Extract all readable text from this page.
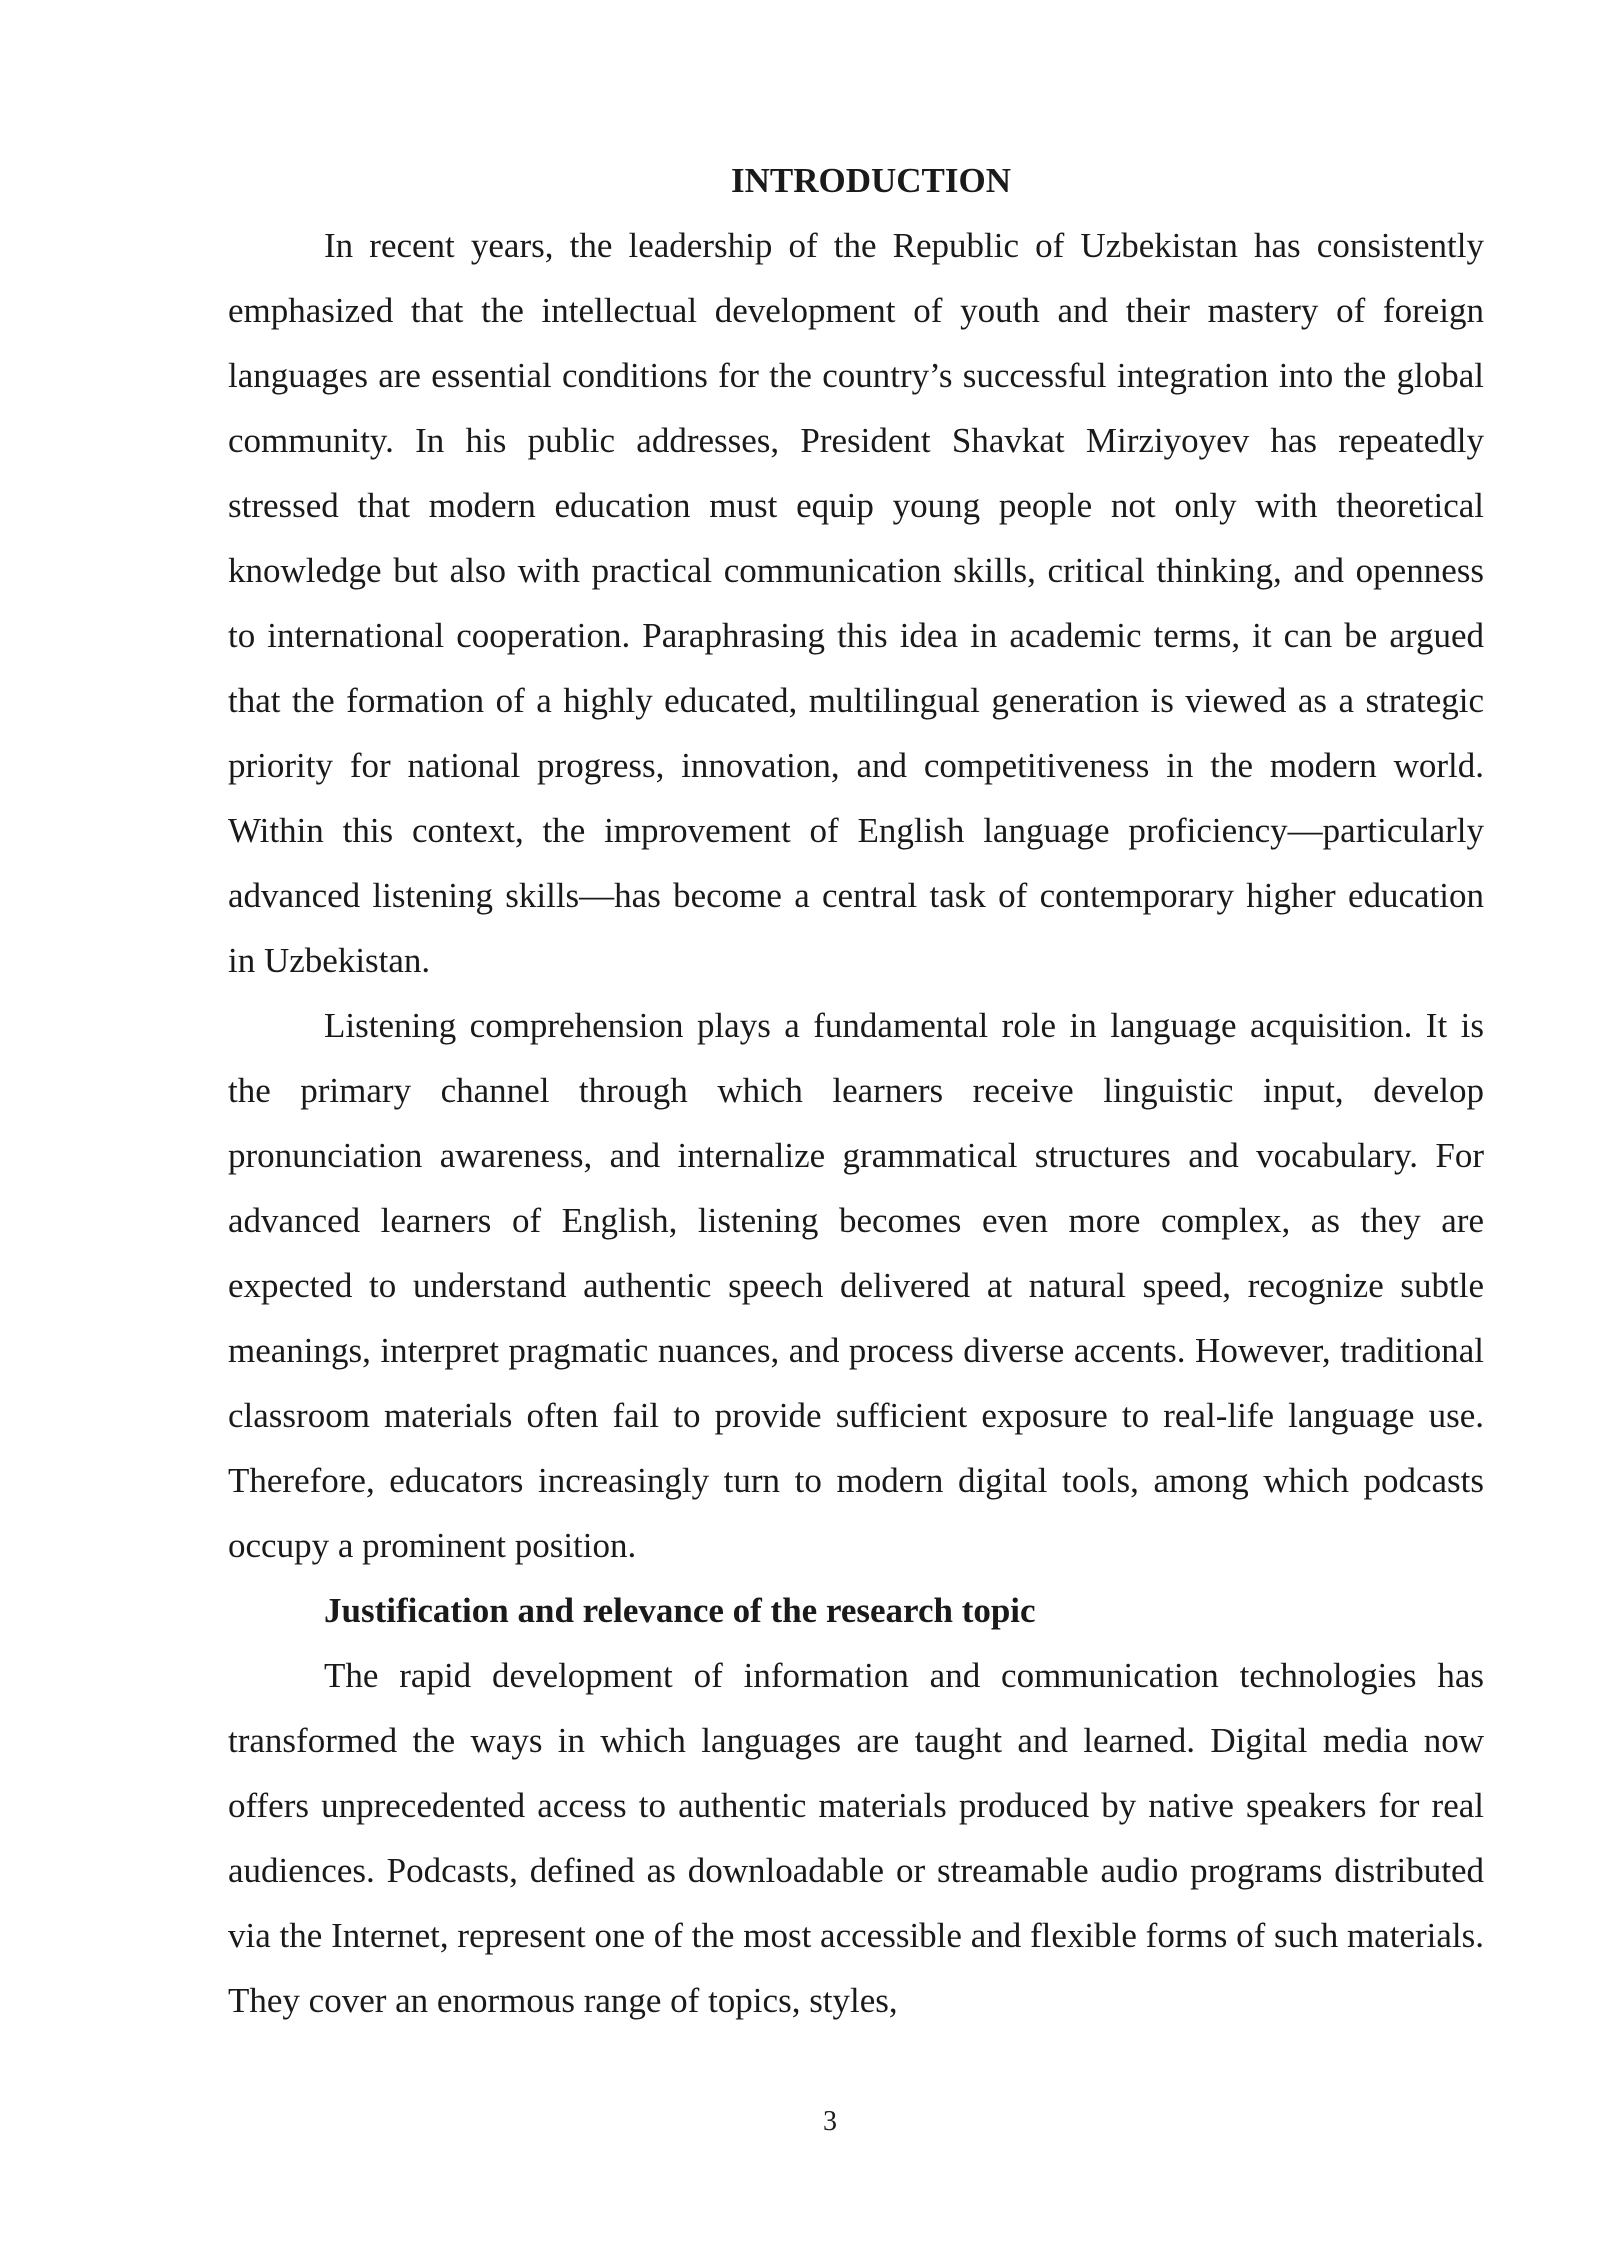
INTRODUCTION

In recent years, the leadership of the Republic of Uzbekistan has consistently emphasized that the intellectual development of youth and their mastery of foreign languages are essential conditions for the country’s successful integration into the global community. In his public addresses, President Shavkat Mirziyoyev has repeatedly stressed that modern education must equip young people not only with theoretical knowledge but also with practical communication skills, critical thinking, and openness to international cooperation. Paraphrasing this idea in academic terms, it can be argued that the formation of a highly educated, multilingual generation is viewed as a strategic priority for national progress, innovation, and competitiveness in the modern world. Within this context, the improvement of English language proficiency—particularly advanced listening skills—has become a central task of contemporary higher education in Uzbekistan.

Listening comprehension plays a fundamental role in language acquisition. It is the primary channel through which learners receive linguistic input, develop pronunciation awareness, and internalize grammatical structures and vocabulary. For advanced learners of English, listening becomes even more complex, as they are expected to understand authentic speech delivered at natural speed, recognize subtle meanings, interpret pragmatic nuances, and process diverse accents. However, traditional classroom materials often fail to provide sufficient exposure to real-life language use. Therefore, educators increasingly turn to modern digital tools, among which podcasts occupy a prominent position.

Justification and relevance of the research topic

The rapid development of information and communication technologies has transformed the ways in which languages are taught and learned. Digital media now offers unprecedented access to authentic materials produced by native speakers for real audiences. Podcasts, defined as downloadable or streamable audio programs distributed via the Internet, represent one of the most accessible and flexible forms of such materials. They cover an enormous range of topics, styles,

3
